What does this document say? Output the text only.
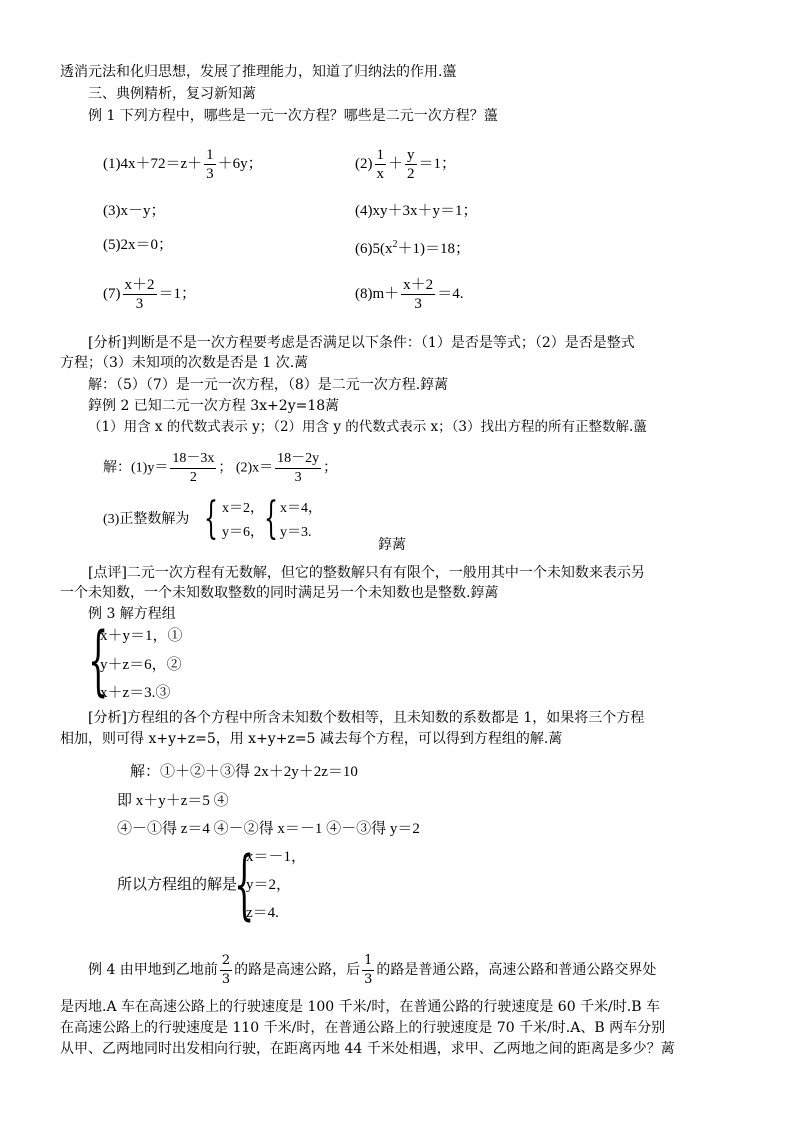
透消元法和化归思想，发展了推理能力，知道了归纳法的作用.蘯
三、典例精析，复习新知蓠
例 1 下列方程中，哪些是一元一次方程？哪些是二元一次方程？蘯
$(1)4x+72=z+ \frac{1}{3} +6y$；	$(2) \frac{1}{x} + \frac{y}{2} =1$；
(3)x－y；	(4)xy＋3x＋y＝1；
(5)2x＝0；	$(6)5(x^2+1)=18$；
$(7) \frac{x+2}{3} =1$；	$(8)m+ \frac{x+2}{3} =4$.
[分析]判断是不是一次方程要考虑是否满足以下条件：（1）是否是等式；（2）是否是整式
方程；（3）未知项的次数是否是 1 次.蓠
解：（5）（7）是一元一次方程，（8）是二元一次方程.錞蓠
錞例 2 已知二元一次方程 3x+2y=18蓠
（1）用含 x 的代数式表示 y；（2）用含 y 的代数式表示 x；（3）找出方程的所有正整数解.蘯
解：$(1)y= \frac{18-3x}{2}$ ； $(2)x= \frac{18-2y}{3}$ ；
(3)正整数解为 { x＝2，
y＝6， { x＝4，
y＝3.
錞蓠
[点评]二元一次方程有无数解，但它的整数解只有有限个，一般用其中一个未知数来表示另
一个未知数，一个未知数取整数的同时满足另一个未知数也是整数.錞蓠
例 3 解方程组
{
x＋y＝1，①
y＋z＝6，②
x＋z＝3.③
[分析]方程组的各个方程中所含未知数个数相等，且未知数的系数都是 1，如果将三个方程
相加，则可得 x+y+z=5，用 x+y+z=5 减去每个方程，可以得到方程组的解.蓠
解：①＋②＋③得 2x＋2y＋2z＝10
即 x＋y＋z＝5 ④
④－①得 z＝4 ④－②得 x＝－1 ④－③得 y＝2
所以方程组的解是
{
x＝－1，
y＝2，
z＝4.
例 4 由甲地到乙地前 $\frac{2}{3}$ 的路是高速公路，后 $\frac{1}{3}$ 的路是普通公路，高速公路和普通公路交界处
是丙地.A 车在高速公路上的行驶速度是 100 千米/时，在普通公路的行驶速度是 60 千米/时.B 车
在高速公路上的行驶速度是 110 千米/时，在普通公路上的行驶速度是 70 千米/时.A、B 两车分别
从甲、乙两地同时出发相向行驶，在距离丙地 44 千米处相遇，求甲、乙两地之间的距离是多少？蓠
